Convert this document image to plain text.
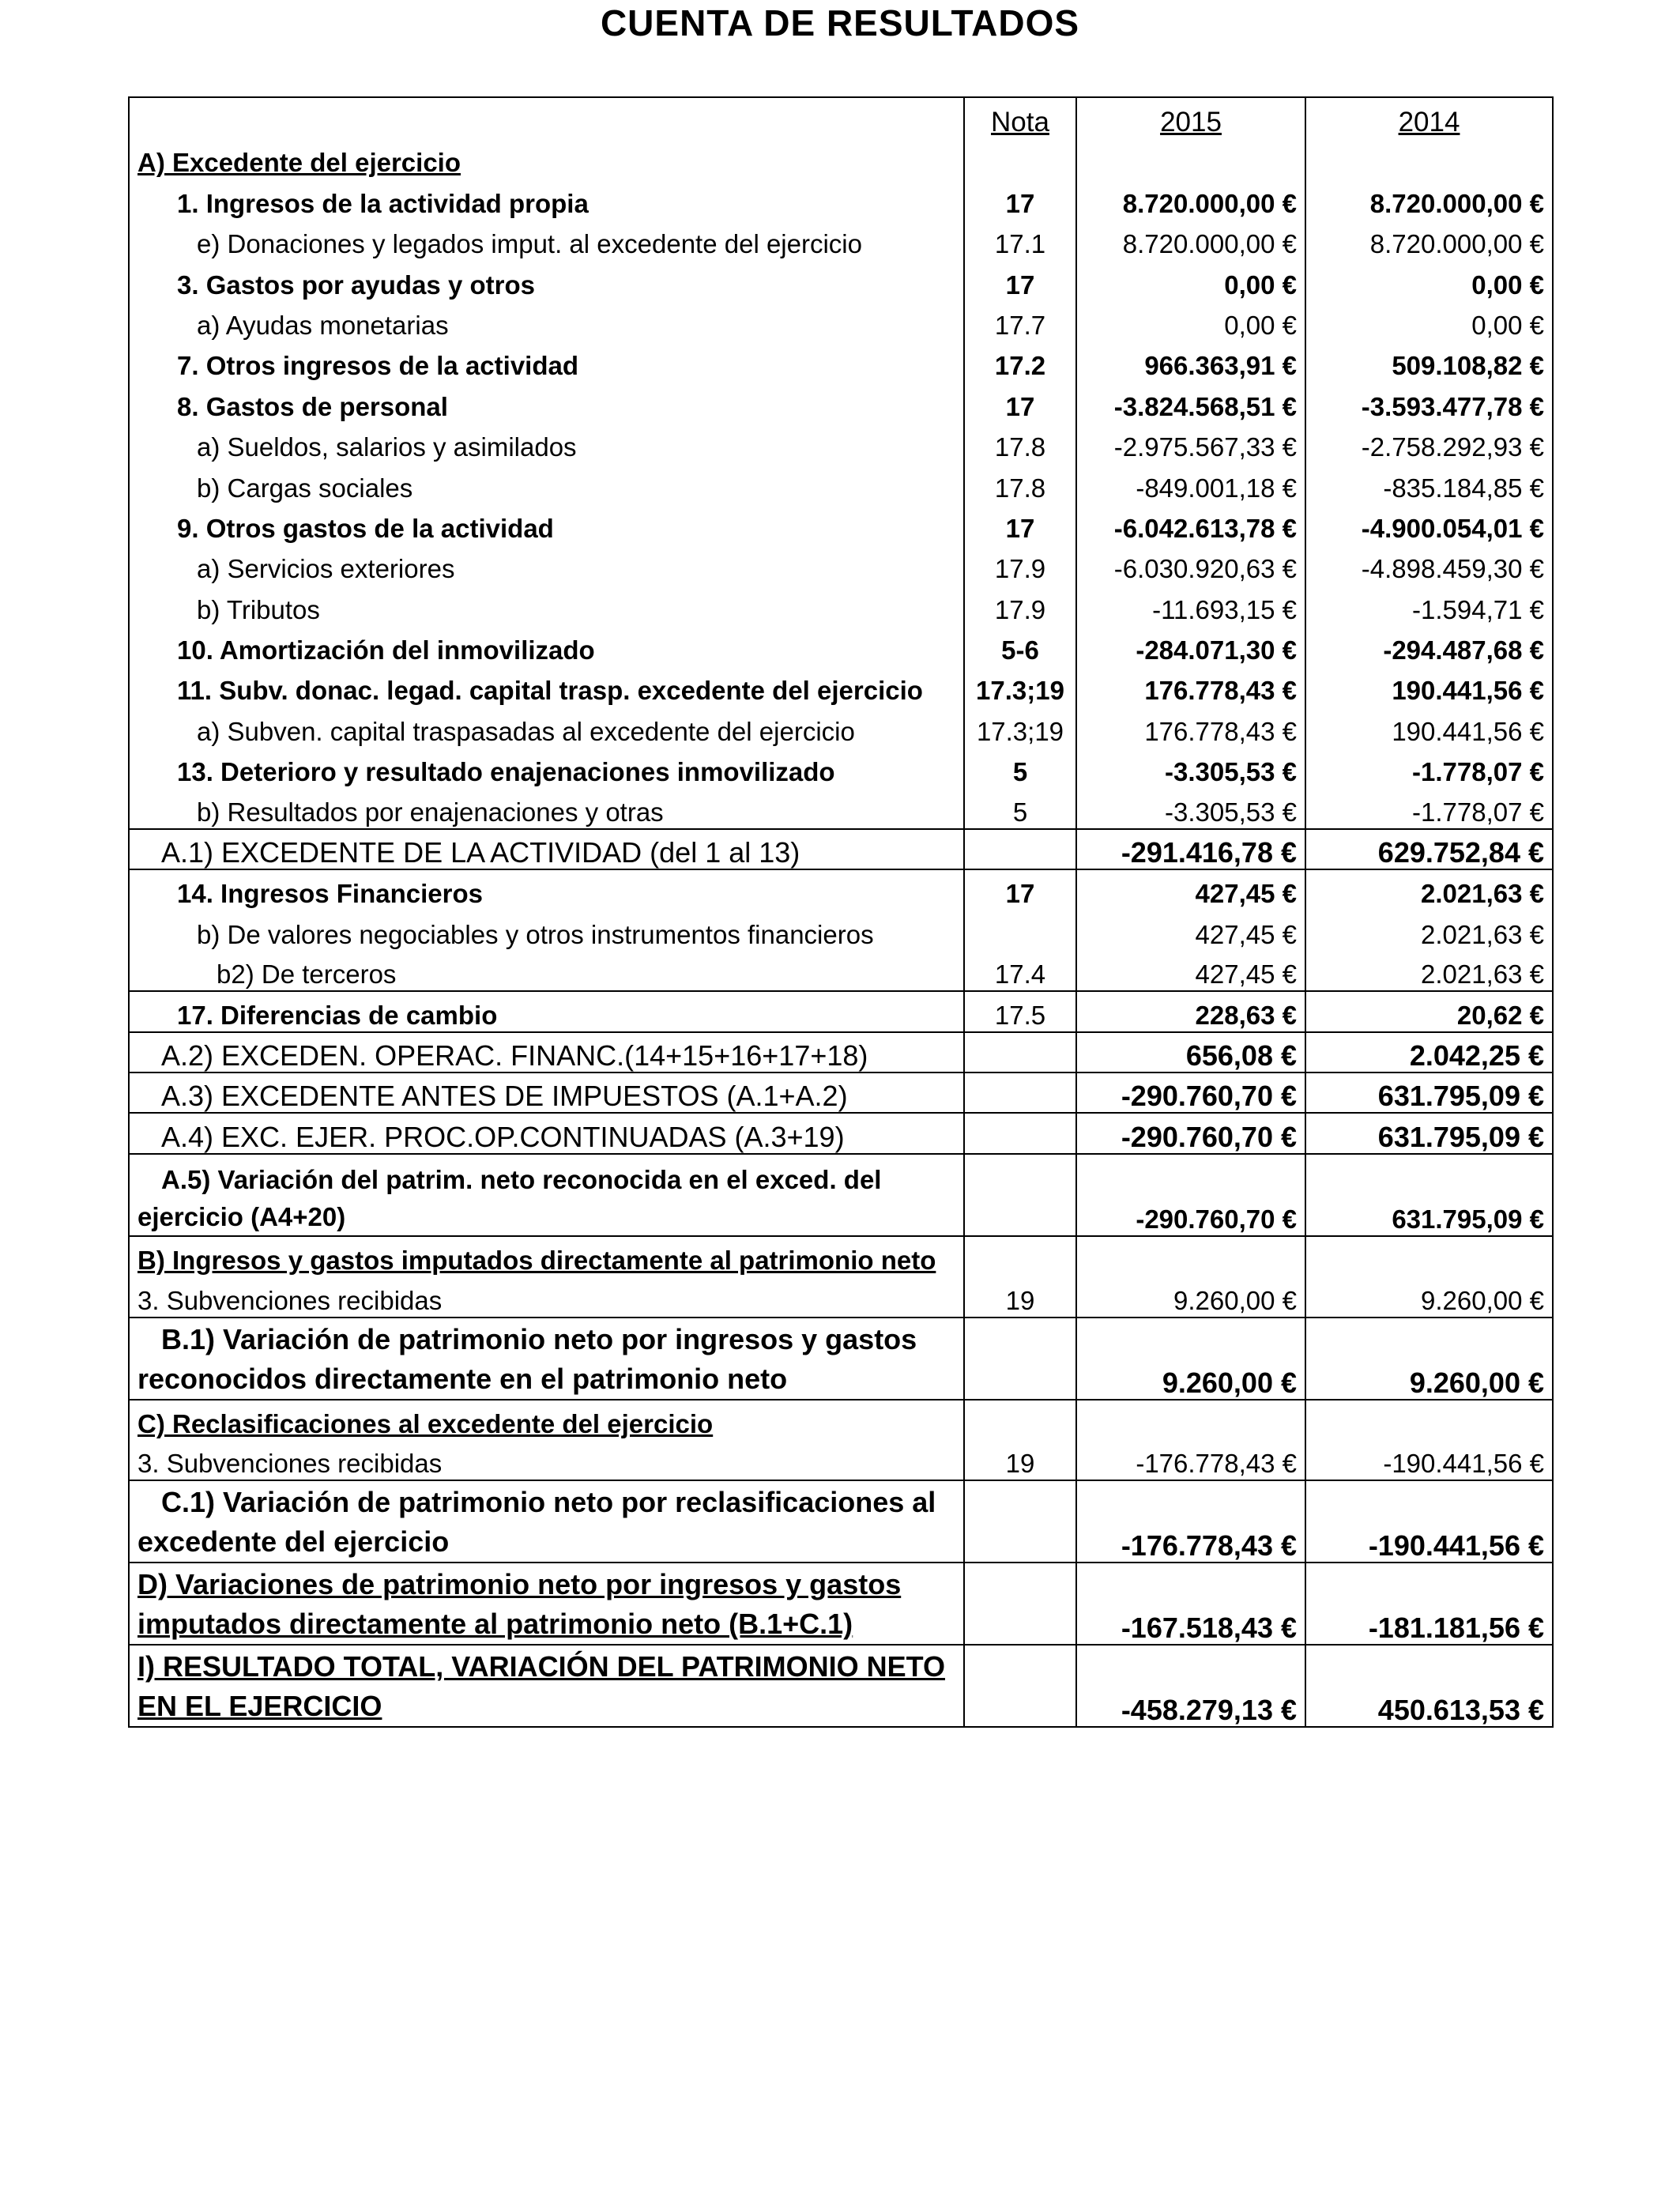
CUENTA DE RESULTADOS
	Nota	2015	2014
A) Excedente del ejercicio			
1. Ingresos de la actividad propia	17	8.720.000,00 €	8.720.000,00 €
e) Donaciones y legados imput. al excedente del ejercicio	17.1	8.720.000,00 €	8.720.000,00 €
3. Gastos por ayudas y otros	17	0,00 €	0,00 €
a) Ayudas monetarias	17.7	0,00 €	0,00 €
7. Otros ingresos de la actividad	17.2	966.363,91 €	509.108,82 €
8. Gastos de personal	17	-3.824.568,51 €	-3.593.477,78 €
a) Sueldos, salarios y asimilados	17.8	-2.975.567,33 €	-2.758.292,93 €
b) Cargas sociales	17.8	-849.001,18 €	-835.184,85 €
9. Otros gastos de la actividad	17	-6.042.613,78 €	-4.900.054,01 €
a) Servicios exteriores	17.9	-6.030.920,63 €	-4.898.459,30 €
b) Tributos	17.9	-11.693,15 €	-1.594,71 €
10. Amortización del inmovilizado	5-6	-284.071,30 €	-294.487,68 €
11. Subv. donac. legad. capital trasp. excedente del ejercicio	17.3;19	176.778,43 €	190.441,56 €
a) Subven. capital traspasadas al excedente del ejercicio	17.3;19	176.778,43 €	190.441,56 €
13. Deterioro y resultado enajenaciones inmovilizado	5	-3.305,53 €	-1.778,07 €
b) Resultados por enajenaciones y otras	5	-3.305,53 €	-1.778,07 €
A.1) EXCEDENTE DE LA ACTIVIDAD (del 1 al 13)		-291.416,78 €	629.752,84 €
14. Ingresos Financieros	17	427,45 €	2.021,63 €
b) De valores negociables y otros instrumentos financieros		427,45 €	2.021,63 €
b2) De terceros	17.4	427,45 €	2.021,63 €
17. Diferencias de cambio	17.5	228,63 €	20,62 €
A.2) EXCEDEN. OPERAC. FINANC.(14+15+16+17+18)		656,08 €	2.042,25 €
A.3) EXCEDENTE ANTES DE IMPUESTOS (A.1+A.2)		-290.760,70 €	631.795,09 €
A.4) EXC. EJER. PROC.OP.CONTINUADAS (A.3+19)		-290.760,70 €	631.795,09 €
A.5) Variación del patrim. neto reconocida en el exced. del ejercicio (A4+20)		-290.760,70 €	631.795,09 €
B) Ingresos y gastos imputados directamente al patrimonio neto			
3. Subvenciones recibidas	19	9.260,00 €	9.260,00 €
B.1) Variación de patrimonio neto por ingresos y gastos reconocidos directamente en el patrimonio neto		9.260,00 €	9.260,00 €
C) Reclasificaciones al excedente del ejercicio			
3. Subvenciones recibidas	19	-176.778,43 €	-190.441,56 €
C.1) Variación de patrimonio neto por reclasificaciones al excedente del ejercicio		-176.778,43 €	-190.441,56 €
D) Variaciones de patrimonio neto por ingresos y gastos imputados directamente al patrimonio neto (B.1+C.1)		-167.518,43 €	-181.181,56 €
I) RESULTADO TOTAL, VARIACIÓN DEL PATRIMONIO NETO EN EL EJERCICIO		-458.279,13 €	450.613,53 €
